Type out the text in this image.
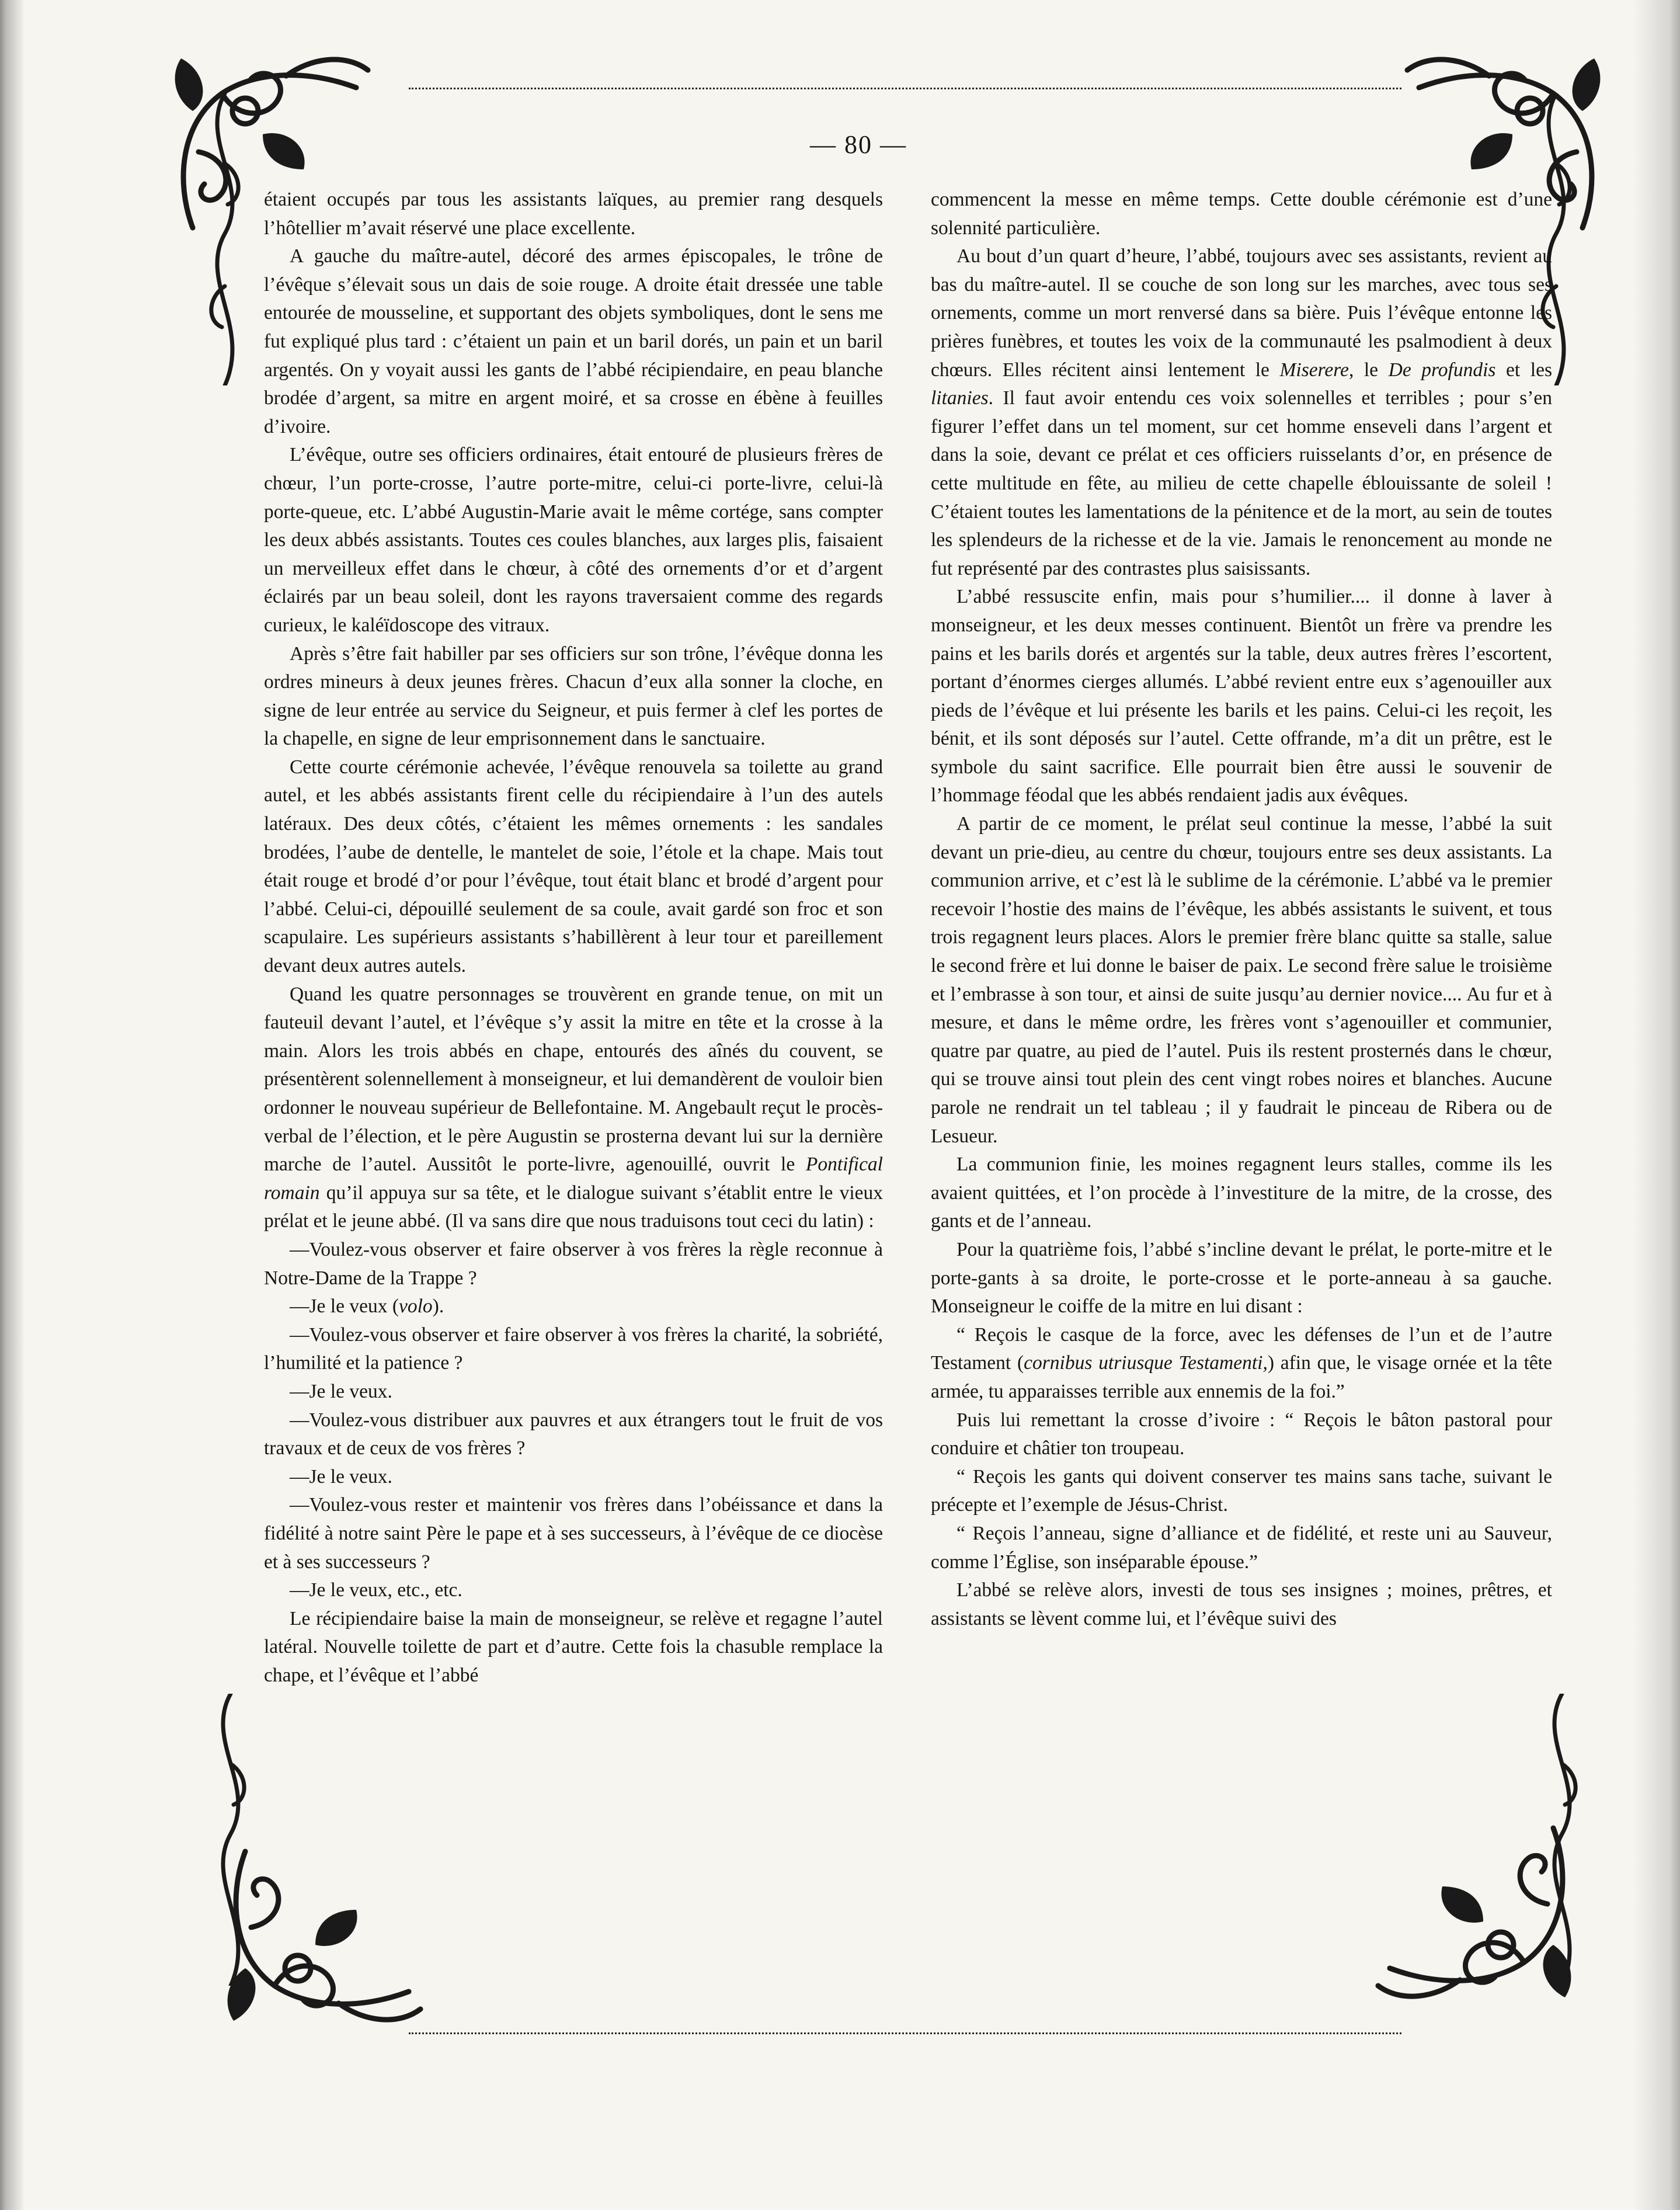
— 80 —

étaient occupés par tous les assistants laïques, au premier rang desquels l’hôtellier m’avait réservé une place excellente.

A gauche du maître-autel, décoré des armes épiscopales, le trône de l’évêque s’élevait sous un dais de soie rouge. A droite était dressée une table entourée de mousseline, et supportant des objets symboliques, dont le sens me fut expliqué plus tard : c’étaient un pain et un baril dorés, un pain et un baril argentés. On y voyait aussi les gants de l’abbé récipiendaire, en peau blanche brodée d’argent, sa mitre en argent moiré, et sa crosse en ébène à feuilles d’ivoire.

L’évêque, outre ses officiers ordinaires, était entouré de plusieurs frères de chœur, l’un porte-crosse, l’autre porte-mitre, celui-ci porte-livre, celui-là porte-queue, etc. L’abbé Augustin-Marie avait le même cortége, sans compter les deux abbés assistants. Toutes ces coules blanches, aux larges plis, faisaient un merveilleux effet dans le chœur, à côté des ornements d’or et d’argent éclairés par un beau soleil, dont les rayons traversaient comme des regards curieux, le kaléïdoscope des vitraux.

Après s’être fait habiller par ses officiers sur son trône, l’évêque donna les ordres mineurs à deux jeunes frères. Chacun d’eux alla sonner la cloche, en signe de leur entrée au service du Seigneur, et puis fermer à clef les portes de la chapelle, en signe de leur emprisonnement dans le sanctuaire.

Cette courte cérémonie achevée, l’évêque renouvela sa toilette au grand autel, et les abbés assistants firent celle du récipiendaire à l’un des autels latéraux. Des deux côtés, c’étaient les mêmes ornements : les sandales brodées, l’aube de dentelle, le mantelet de soie, l’étole et la chape. Mais tout était rouge et brodé d’or pour l’évêque, tout était blanc et brodé d’argent pour l’abbé. Celui-ci, dépouillé seulement de sa coule, avait gardé son froc et son scapulaire. Les supérieurs assistants s’habillèrent à leur tour et pareillement devant deux autres autels.

Quand les quatre personnages se trouvèrent en grande tenue, on mit un fauteuil devant l’autel, et l’évêque s’y assit la mitre en tête et la crosse à la main. Alors les trois abbés en chape, entourés des aînés du couvent, se présentèrent solennellement à monseigneur, et lui demandèrent de vouloir bien ordonner le nouveau supérieur de Bellefontaine. M. Angebault reçut le procès-verbal de l’élection, et le père Augustin se prosterna devant lui sur la dernière marche de l’autel. Aussitôt le porte-livre, agenouillé, ouvrit le Pontifical romain qu’il appuya sur sa tête, et le dialogue suivant s’établit entre le vieux prélat et le jeune abbé. (Il va sans dire que nous traduisons tout ceci du latin) :

—Voulez-vous observer et faire observer à vos frères la règle reconnue à Notre-Dame de la Trappe ?

—Je le veux (volo).

—Voulez-vous observer et faire observer à vos frères la charité, la sobriété, l’humilité et la patience ?

—Je le veux.

—Voulez-vous distribuer aux pauvres et aux étrangers tout le fruit de vos travaux et de ceux de vos frères ?

—Je le veux.

—Voulez-vous rester et maintenir vos frères dans l’obéissance et dans la fidélité à notre saint Père le pape et à ses successeurs, à l’évêque de ce diocèse et à ses successeurs ?

—Je le veux, etc., etc.

Le récipiendaire baise la main de monseigneur, se relève et regagne l’autel latéral. Nouvelle toilette de part et d’autre. Cette fois la chasuble remplace la chape, et l’évêque et l’abbé

commencent la messe en même temps. Cette double cérémonie est d’une solennité particulière.

Au bout d’un quart d’heure, l’abbé, toujours avec ses assistants, revient au bas du maître-autel. Il se couche de son long sur les marches, avec tous ses ornements, comme un mort renversé dans sa bière. Puis l’évêque entonne les prières funèbres, et toutes les voix de la communauté les psalmodient à deux chœurs. Elles récitent ainsi lentement le Miserere, le De profundis et les litanies. Il faut avoir entendu ces voix solennelles et terribles ; pour s’en figurer l’effet dans un tel moment, sur cet homme enseveli dans l’argent et dans la soie, devant ce prélat et ces officiers ruisselants d’or, en présence de cette multitude en fête, au milieu de cette chapelle éblouissante de soleil ! C’étaient toutes les lamentations de la pénitence et de la mort, au sein de toutes les splendeurs de la richesse et de la vie. Jamais le renoncement au monde ne fut représenté par des contrastes plus saisissants.

L’abbé ressuscite enfin, mais pour s’humilier.... il donne à laver à monseigneur, et les deux messes continuent. Bientôt un frère va prendre les pains et les barils dorés et argentés sur la table, deux autres frères l’escortent, portant d’énormes cierges allumés. L’abbé revient entre eux s’agenouiller aux pieds de l’évêque et lui présente les barils et les pains. Celui-ci les reçoit, les bénit, et ils sont déposés sur l’autel. Cette offrande, m’a dit un prêtre, est le symbole du saint sacrifice. Elle pourrait bien être aussi le souvenir de l’hommage féodal que les abbés rendaient jadis aux évêques.

A partir de ce moment, le prélat seul continue la messe, l’abbé la suit devant un prie-dieu, au centre du chœur, toujours entre ses deux assistants. La communion arrive, et c’est là le sublime de la cérémonie. L’abbé va le premier recevoir l’hostie des mains de l’évêque, les abbés assistants le suivent, et tous trois regagnent leurs places. Alors le premier frère blanc quitte sa stalle, salue le second frère et lui donne le baiser de paix. Le second frère salue le troisième et l’embrasse à son tour, et ainsi de suite jusqu’au dernier novice.... Au fur et à mesure, et dans le même ordre, les frères vont s’agenouiller et communier, quatre par quatre, au pied de l’autel. Puis ils restent prosternés dans le chœur, qui se trouve ainsi tout plein des cent vingt robes noires et blanches. Aucune parole ne rendrait un tel tableau ; il y faudrait le pinceau de Ribera ou de Lesueur.

La communion finie, les moines regagnent leurs stalles, comme ils les avaient quittées, et l’on procède à l’investiture de la mitre, de la crosse, des gants et de l’anneau.

Pour la quatrième fois, l’abbé s’incline devant le prélat, le porte-mitre et le porte-gants à sa droite, le porte-crosse et le porte-anneau à sa gauche. Monseigneur le coiffe de la mitre en lui disant :

“ Reçois le casque de la force, avec les défenses de l’un et de l’autre Testament (cornibus utriusque Testamenti,) afin que, le visage ornée et la tête armée, tu apparaisses terrible aux ennemis de la foi.”

Puis lui remettant la crosse d’ivoire : “ Reçois le bâton pastoral pour conduire et châtier ton troupeau.

“ Reçois les gants qui doivent conserver tes mains sans tache, suivant le précepte et l’exemple de Jésus-Christ.

“ Reçois l’anneau, signe d’alliance et de fidélité, et reste uni au Sauveur, comme l’Église, son inséparable épouse.”

L’abbé se relève alors, investi de tous ses insignes ; moines, prêtres, et assistants se lèvent comme lui, et l’évêque suivi des
